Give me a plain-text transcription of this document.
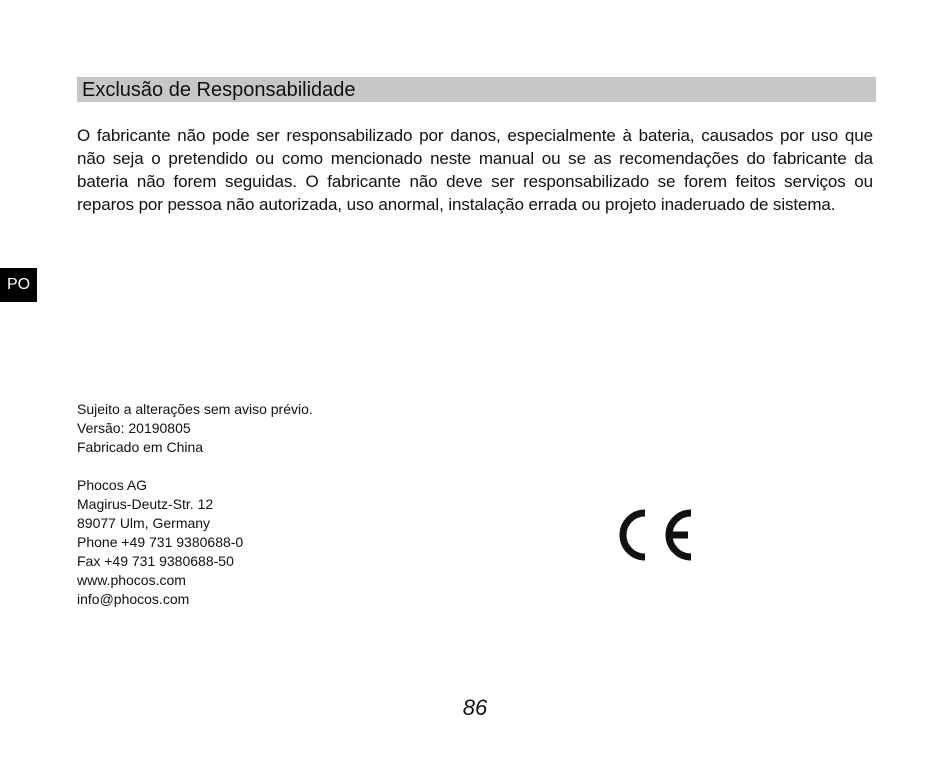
Exclusão de Responsabilidade

O fabricante não pode ser responsabilizado por danos, especialmente à bateria, causados por uso que não seja o pretendido ou como mencionado neste manual ou se as recomendações do fabricante da bateria não forem seguidas. O fabricante não deve ser responsabilizado se forem feitos serviços ou reparos por pessoa não autorizada, uso anormal, instalação errada ou projeto inaderuado de sistema.

PO
Sujeito a alterações sem aviso prévio.
Versão: 20190805
Fabricado em China
Phocos AG
Magirus-Deutz-Str. 12
89077 Ulm, Germany
Phone +49 731 9380688-0
Fax +49 731 9380688-50
www.phocos.com
info@phocos.com
86
